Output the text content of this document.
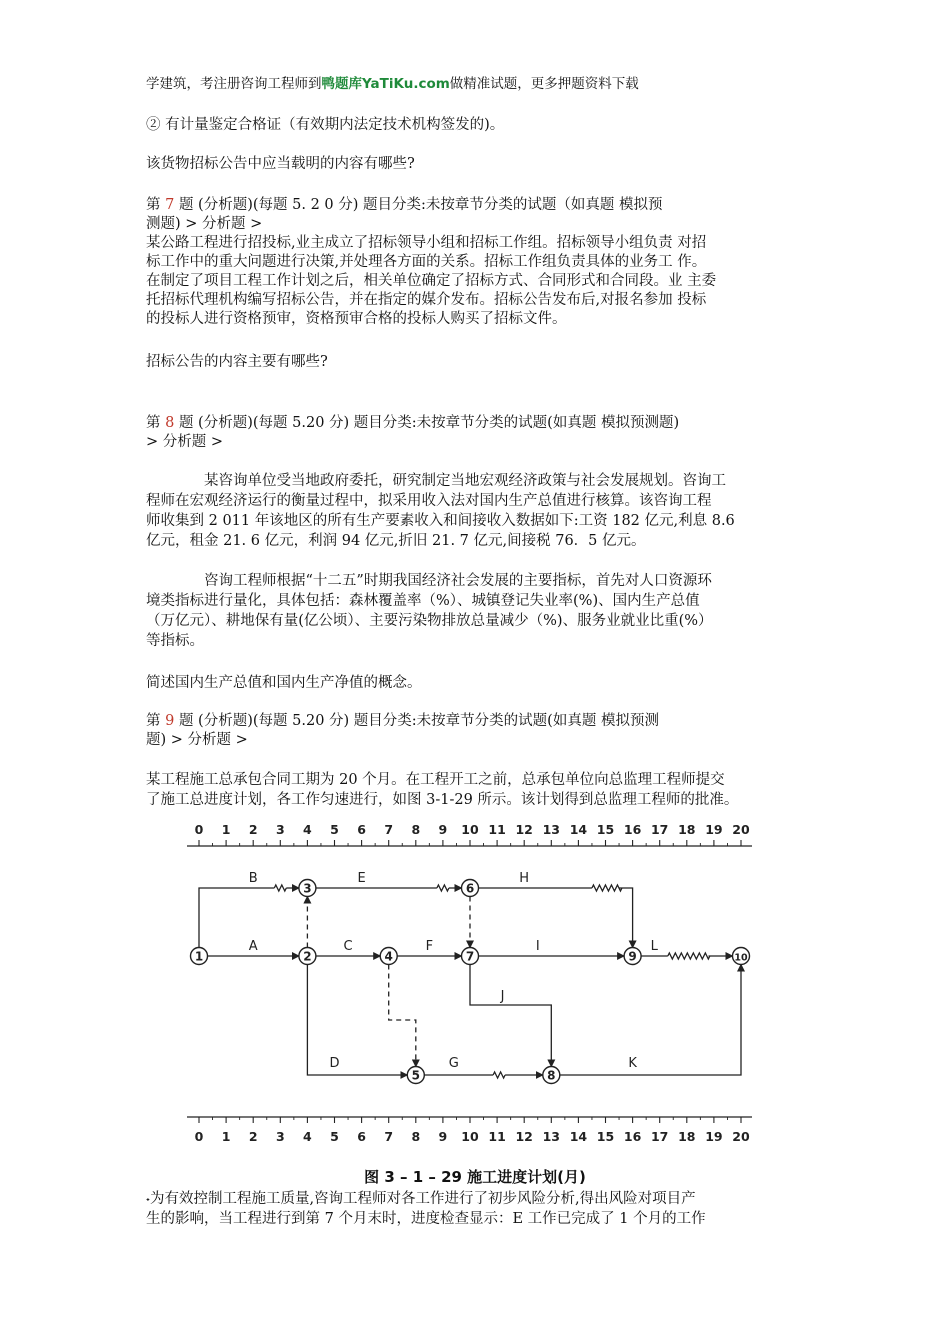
学建筑，考注册咨询工程师到鸭题库YaTiKu.com做精准试题，更多押题资料下载
② 有计量鉴定合格证（有效期内法定技术机构签发的)。
该货物招标公告中应当载明的内容有哪些?
第 7 题 (分析题)(每题 5. 2 0 分) 题目分类:未按章节分类的试题（如真题 模拟预
测题) > 分析题 >
某公路工程进行招投标,业主成立了招标领导小组和招标工作组。招标领导小组负责 对招
标工作中的重大问题进行决策,并处理各方面的关系。招标工作组负责具体的业务工 作。
在制定了项目工程工作计划之后，相关单位确定了招标方式、合同形式和合同段。业 主委
托招标代理机构编写招标公告，并在指定的媒介发布。招标公告发布后,对报名参加 投标
的投标人进行资格预审，资格预审合格的投标人购买了招标文件。
招标公告的内容主要有哪些?
第 8 题 (分析题)(每题 5.20 分) 题目分类:未按章节分类的试题(如真题 模拟预测题)
> 分析题 >
某咨询单位受当地政府委托，研究制定当地宏观经济政策与社会发展规划。咨询工
程师在宏观经济运行的衡量过程中，拟采用收入法对国内生产总值进行核算。该咨询工程
师收集到 2 011 年该地区的所有生产要素收入和间接收入数据如下:工资 182 亿元,利息 8.6
亿元，租金 21. 6 亿元，利润 94 亿元,折旧 21. 7 亿元,间接税 76．5 亿元。
咨询工程师根据“十二五”时期我国经济社会发展的主要指标，首先对人口资源环
境类指标进行量化，具体包括：森林覆盖率（%）、城镇登记失业率(%)、国内生产总值
（万亿元）、耕地保有量(亿公顷）、主要污染物排放总量减少（%)、服务业就业比重(%）
等指标。
简述国内生产总值和国内生产净值的概念。
第 9 题 (分析题)(每题 5.20 分) 题目分类:未按章节分类的试题(如真题 模拟预测
题) > 分析题 >
某工程施工总承包合同工期为 20 个月。在工程开工之前，总承包单位向总监理工程师提交
了施工总进度计划，各工作匀速进行，如图 3-1-29 所示。该计划得到总监理工程师的批准。
0 1 2 3 4 5 6 7 8 9 10 11 12 13 14 15 16 17 18 19 20
0 1 2 3 4 5 6 7 8 9 10 11 12 13 14 15 16 17 18 19 20
A
B
C
D
E
F
G
H
I
J
K
L
1	2
3
4
5
6
7
8
9	10
图 3 – 1 – 29 施工进度计划(月)
˖为有效控制工程施工质量,咨询工程师对各工作进行了初步风险分析,得出风险对项目产
生的影响，当工程进行到第 7 个月末时，进度检查显示：E 工作已完成了 1 个月的工作
